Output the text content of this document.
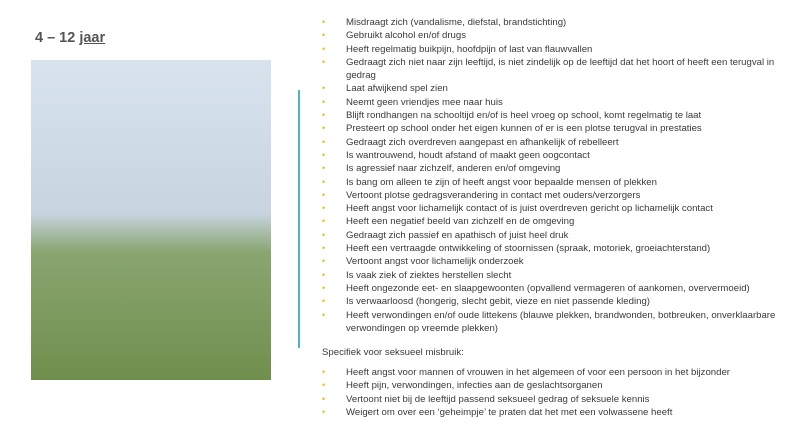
4 – 12 jaar
• Misdraagt zich (vandalisme, diefstal, brandstichting)
• Gebruikt alcohol en/of drugs
• Heeft regelmatig buikpijn, hoofdpijn of last van flauwvallen
• Gedraagt zich niet naar zijn leeftijd, is niet zindelijk op de leeftijd dat het hoort of heeft een terugval in gedrag
• Laat afwijkend spel zien
• Neemt geen vriendjes mee naar huis
• Blijft rondhangen na schooltijd en/of is heel vroeg op school, komt regelmatig te laat
• Presteert op school onder het eigen kunnen of er is een plotse terugval in prestaties
• Gedraagt zich overdreven aangepast en afhankelijk of rebelleert
• Is wantrouwend, houdt afstand of maakt geen oogcontact
• Is agressief naar zichzelf, anderen en/of omgeving
• Is bang om alleen te zijn of heeft angst voor bepaalde mensen of plekken
• Vertoont plotse gedragsverandering in contact met ouders/verzorgers
• Heeft angst voor lichamelijk contact of is juist overdreven gericht op lichamelijk contact
• Heeft een negatief beeld van zichzelf en de omgeving
• Gedraagt zich passief en apathisch of juist heel druk
• Heeft een vertraagde ontwikkeling of stoornissen (spraak, motoriek, groeiachterstand)
• Vertoont angst voor lichamelijk onderzoek
• Is vaak ziek of ziektes herstellen slecht
• Heeft ongezonde eet- en slaapgewoonten (opvallend vermageren of aankomen, oververmoeid)
• Is verwaarloosd (hongerig, slecht gebit, vieze en niet passende kleding)
• Heeft verwondingen en/of oude littekens (blauwe plekken, brandwonden, botbreuken, onverklaarbare verwondingen op vreemde plekken)
Specifiek voor seksueel misbruik:
• Heeft angst voor mannen of vrouwen in het algemeen of voor een persoon in het bijzonder
• Heeft pijn, verwondingen, infecties aan de geslachtsorganen
• Vertoont niet bij de leeftijd passend seksueel gedrag of seksuele kennis
• Weigert om over een ‘geheimpje’ te praten dat het met een volwassene heeft
